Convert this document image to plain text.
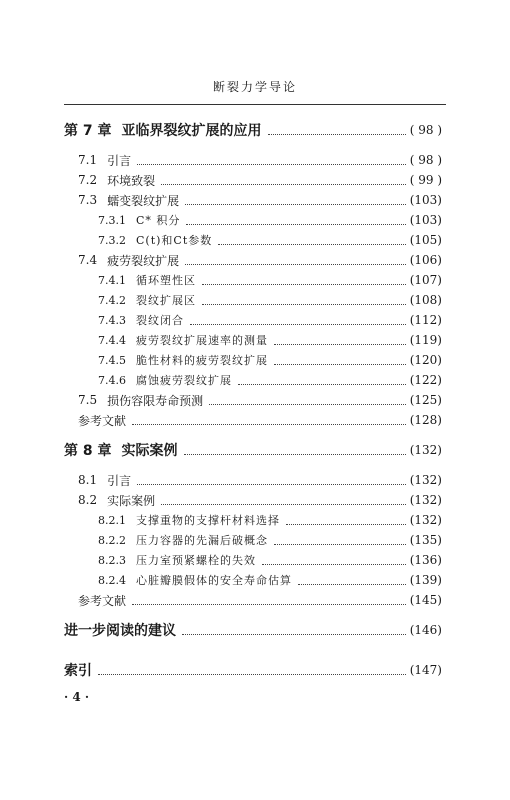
断裂力学导论
第 7 章 亚临界裂纹扩展的应用	( 98 )
7.1 引言	( 98 )
7.2 环境致裂	( 99 )
7.3 蠕变裂纹扩展	(103)
7.3.1 C* 积分	(103)
7.3.2 C(t)和Ct参数	(105)
7.4 疲劳裂纹扩展	(106)
7.4.1 循环塑性区	(107)
7.4.2 裂纹扩展区	(108)
7.4.3 裂纹闭合	(112)
7.4.4 疲劳裂纹扩展速率的测量	(119)
7.4.5 脆性材料的疲劳裂纹扩展	(120)
7.4.6 腐蚀疲劳裂纹扩展	(122)
7.5 损伤容限寿命预测	(125)
参考文献	(128)
第 8 章 实际案例	(132)
8.1 引言	(132)
8.2 实际案例	(132)
8.2.1 支撑重物的支撑杆材料选择	(132)
8.2.2 压力容器的先漏后破概念	(135)
8.2.3 压力室预紧螺栓的失效	(136)
8.2.4 心脏瓣膜假体的安全寿命估算	(139)
参考文献	(145)
进一步阅读的建议	(146)
索引	(147)
· 4 ·
